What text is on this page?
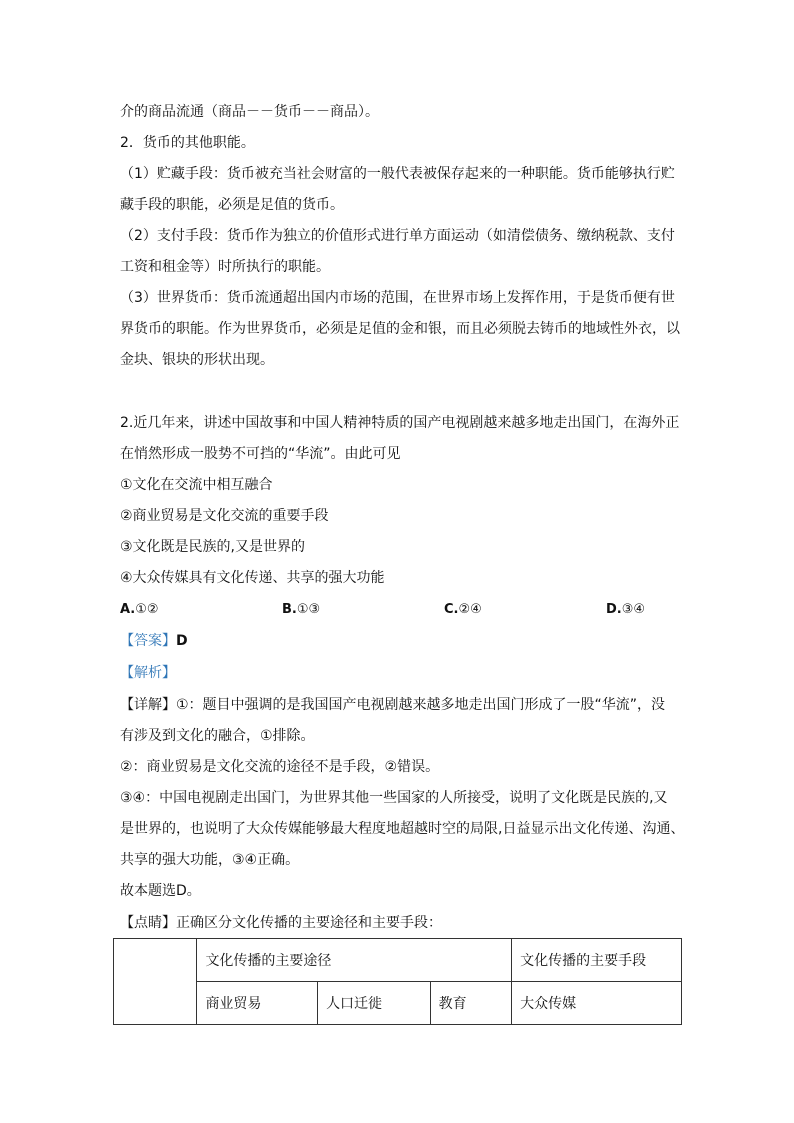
介的商品流通（商品－－货币－－商品）。
2．货币的其他职能。
（1）贮藏手段：货币被充当社会财富的一般代表被保存起来的一种职能。货币能够执行贮
藏手段的职能，必须是足值的货币。
（2）支付手段：货币作为独立的价值形式进行单方面运动（如清偿债务、缴纳税款、支付
工资和租金等）时所执行的职能。
（3）世界货币：货币流通超出国内市场的范围，在世界市场上发挥作用，于是货币便有世
界货币的职能。作为世界货币，必须是足值的金和银，而且必须脱去铸币的地域性外衣，以
金块、银块的形状出现。
2.近几年来，讲述中国故事和中国人精神特质的国产电视剧越来越多地走出国门，在海外正
在悄然形成一股势不可挡的“华流”。由此可见
①文化在交流中相互融合
②商业贸易是文化交流的重要手段
③文化既是民族的,又是世界的
④大众传媒具有文化传递、共享的强大功能
A.①②	B.①③	C.②④	D.③④
【答案】D
【解析】
【详解】①：题目中强调的是我国国产电视剧越来越多地走出国门形成了一股“华流”，没
有涉及到文化的融合，①排除。
②：商业贸易是文化交流的途径不是手段，②错误。
③④：中国电视剧走出国门，为世界其他一些国家的人所接受，说明了文化既是民族的,又
是世界的，也说明了大众传媒能够最大程度地超越时空的局限,日益显示出文化传递、沟通、
共享的强大功能，③④正确。
故本题选D。
【点睛】正确区分文化传播的主要途径和主要手段：
	文化传播的主要途径			文化传播的主要手段
	商业贸易	人口迁徙	教育	大众传媒
